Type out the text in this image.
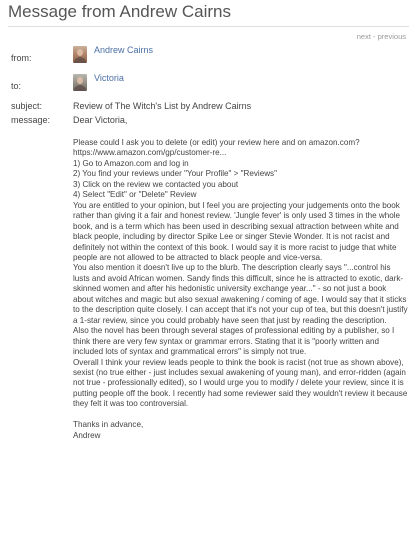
Message from Andrew Cairns
next - previous
from:
Andrew Cairns
to:
Victoria
subject:	Review of The Witch's List by Andrew Cairns
message:	Dear Victoria,
Please could I ask you to delete (or edit) your review here and on amazon.com?
https://www.amazon.com/gp/customer-re...
1) Go to Amazon.com and log in
2) You find your reviews under "Your Profile" > "Reviews"
3) Click on the review we contacted you about
4) Select "Edit" or "Delete" Review
You are entitled to your opinion, but I feel you are projecting your judgements onto the book rather than giving it a fair and honest review. 'Jungle fever' is only used 3 times in the whole book, and is a term which has been used in describing sexual attraction between white and black people, including by director Spike Lee or singer Stevie Wonder. It is not racist and definitely not within the context of this book. I would say it is more racist to judge that white people are not allowed to be attracted to black people and vice-versa.
You also mention it doesn't live up to the blurb. The description clearly says "...control his lusts and avoid African women. Sandy finds this difficult, since he is attracted to exotic, dark-skinned women and after his hedonistic university exchange year..." - so not just a book about witches and magic but also sexual awakening / coming of age. I would say that it sticks to the description quite closely. I can accept that it's not your cup of tea, but this doesn't justify a 1-star review, since you could probably have seen that just by reading the description.
Also the novel has been through several stages of professional editing by a publisher, so I think there are very few syntax or grammar errors. Stating that it is "poorly written and included lots of syntax and grammatical errors" is simply not true.
Overall I think your review leads people to think the book is racist (not true as shown above), sexist (no true either - just includes sexual awakening of young man), and error-ridden (again not true - professionally edited), so I would urge you to modify / delete your review, since it is putting people off the book. I recently had some reviewer said they wouldn't review it because they felt it was too controversial.

Thanks in advance,
Andrew
